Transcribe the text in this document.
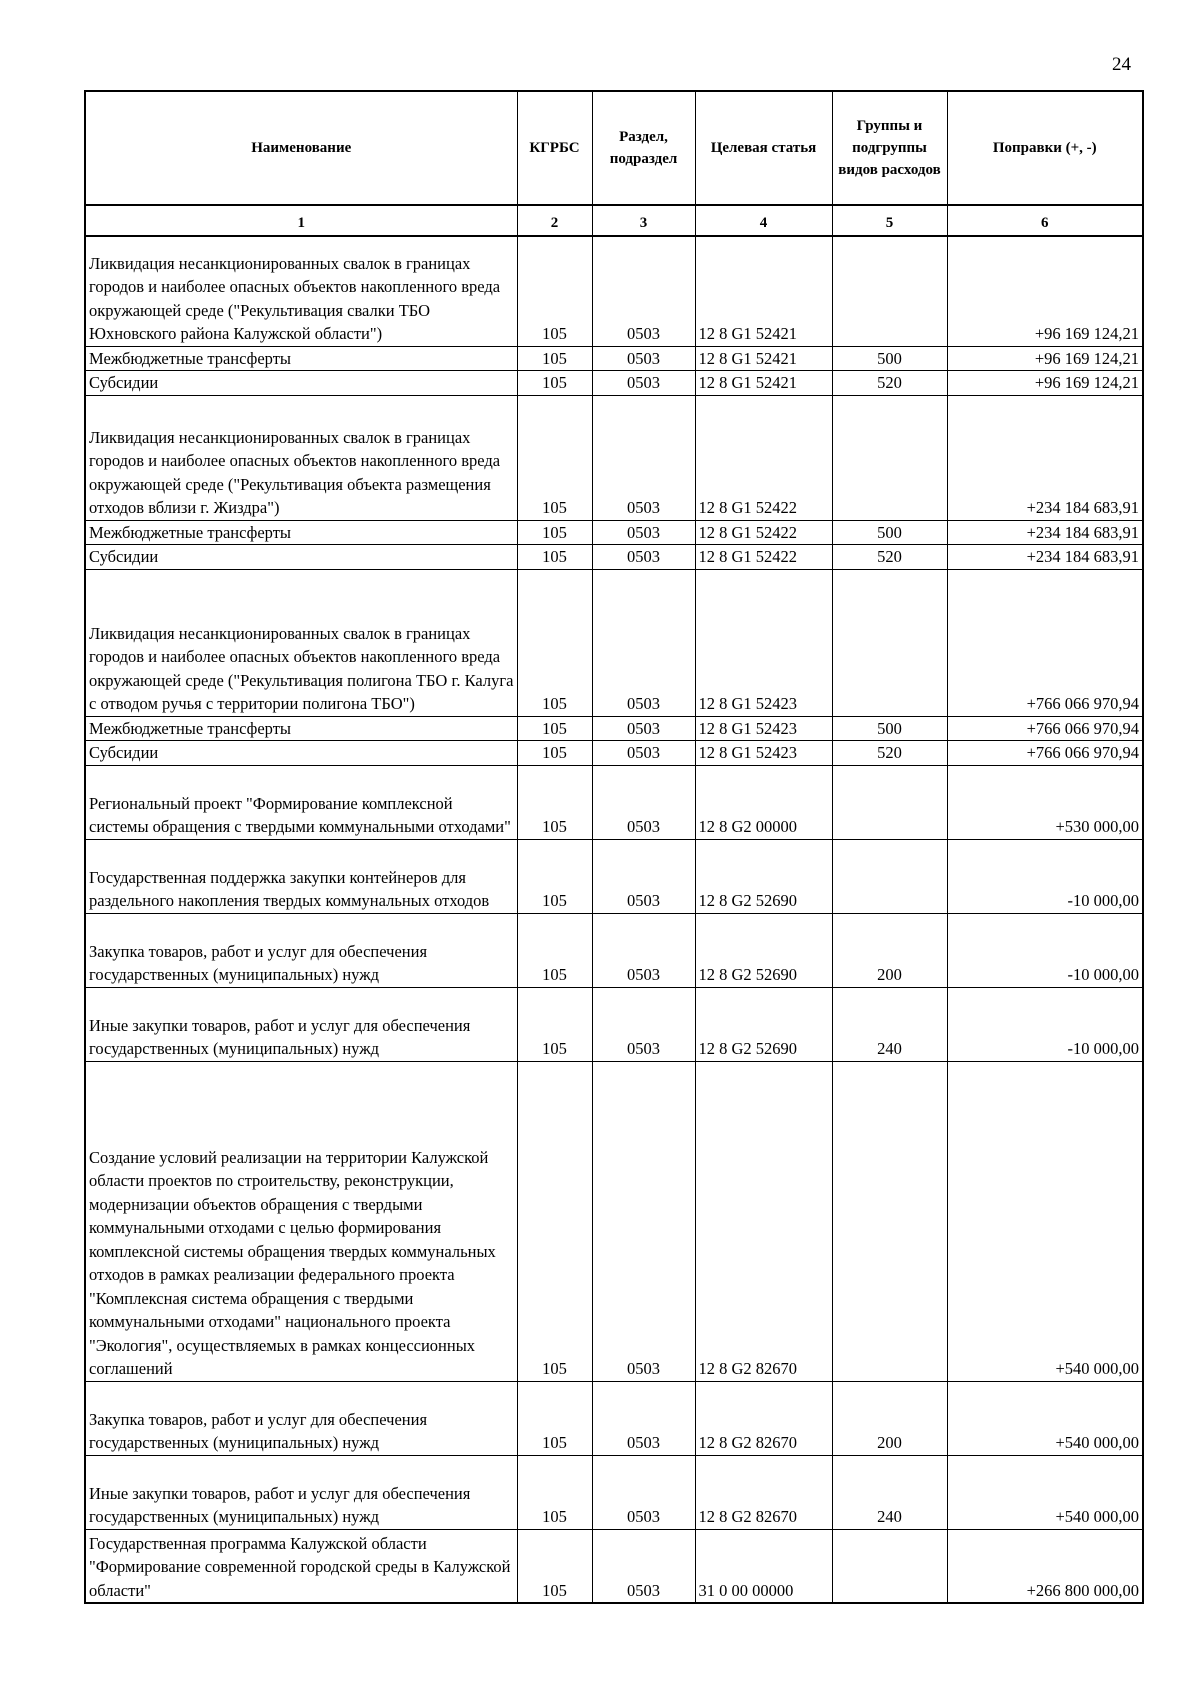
24
Наименование	КГРБС	Раздел, подраздел	Целевая статья	Группы и подгруппы видов расходов	Поправки (+, -)
1	2	3	4	5	6
Ликвидация несанкционированных свалок в границах городов и наиболее опасных объектов накопленного вреда окружающей среде ("Рекультивация свалки ТБО Юхновского района Калужской области")	105	0503	12 8 G1 52421		+96 169 124,21
Межбюджетные трансферты	105	0503	12 8 G1 52421	500	+96 169 124,21
Субсидии	105	0503	12 8 G1 52421	520	+96 169 124,21
Ликвидация несанкционированных свалок в границах городов и наиболее опасных объектов накопленного вреда окружающей среде ("Рекультивация объекта размещения отходов вблизи г. Жиздра")	105	0503	12 8 G1 52422		+234 184 683,91
Межбюджетные трансферты	105	0503	12 8 G1 52422	500	+234 184 683,91
Субсидии	105	0503	12 8 G1 52422	520	+234 184 683,91
Ликвидация несанкционированных свалок в границах городов и наиболее опасных объектов накопленного вреда окружающей среде ("Рекультивация полигона ТБО г. Калуга с отводом ручья с территории полигона ТБО")	105	0503	12 8 G1 52423		+766 066 970,94
Межбюджетные трансферты	105	0503	12 8 G1 52423	500	+766 066 970,94
Субсидии	105	0503	12 8 G1 52423	520	+766 066 970,94
Региональный проект "Формирование комплексной системы обращения с твердыми коммунальными отходами"	105	0503	12 8 G2 00000		+530 000,00
Государственная поддержка закупки контейнеров для раздельного накопления твердых коммунальных отходов	105	0503	12 8 G2 52690		-10 000,00
Закупка товаров, работ и услуг для обеспечения государственных (муниципальных) нужд	105	0503	12 8 G2 52690	200	-10 000,00
Иные закупки товаров, работ и услуг для обеспечения государственных (муниципальных) нужд	105	0503	12 8 G2 52690	240	-10 000,00
Создание условий реализации на территории Калужской области проектов по строительству, реконструкции, модернизации объектов обращения с твердыми коммунальными отходами с целью формирования комплексной системы обращения твердых коммунальных отходов в рамках реализации федерального проекта "Комплексная система обращения с твердыми коммунальными отходами" национального проекта "Экология", осуществляемых в рамках концессионных соглашений	105	0503	12 8 G2 82670		+540 000,00
Закупка товаров, работ и услуг для обеспечения государственных (муниципальных) нужд	105	0503	12 8 G2 82670	200	+540 000,00
Иные закупки товаров, работ и услуг для обеспечения государственных (муниципальных) нужд	105	0503	12 8 G2 82670	240	+540 000,00
Государственная программа Калужской области "Формирование современной городской среды в Калужской области"	105	0503	31 0 00 00000		+266 800 000,00
